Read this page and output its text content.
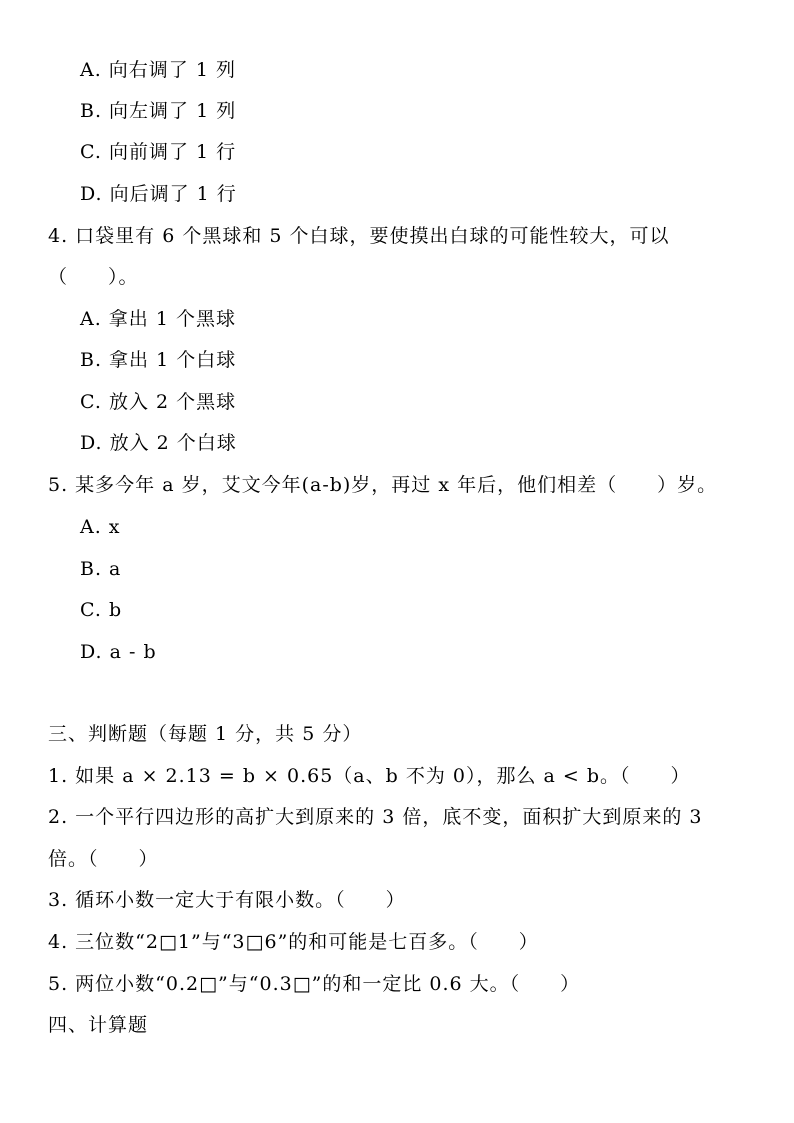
A. 向右调了 1 列
B. 向左调了 1 列
C. 向前调了 1 行
D. 向后调了 1 行
4. 口袋里有 6 个黑球和 5 个白球，要使摸出白球的可能性较大，可以
（　　）。
A. 拿出 1 个黑球
B. 拿出 1 个白球
C. 放入 2 个黑球
D. 放入 2 个白球
5. 某多今年 a 岁，艾文今年(a-b)岁，再过 x 年后，他们相差（　　）岁。
A. x
B. a
C. b
D. a - b
三、判断题（每题 1 分，共 5 分）
1. 如果 a × 2.13 = b × 0.65（a、b 不为 0），那么 a < b。（　　）
2. 一个平行四边形的高扩大到原来的 3 倍，底不变，面积扩大到原来的 3
倍。（　　）
3. 循环小数一定大于有限小数。（　　）
4. 三位数“2□1”与“3□6”的和可能是七百多。（　　）
5. 两位小数“0.2□”与“0.3□”的和一定比 0.6 大。（　　）
四、计算题
